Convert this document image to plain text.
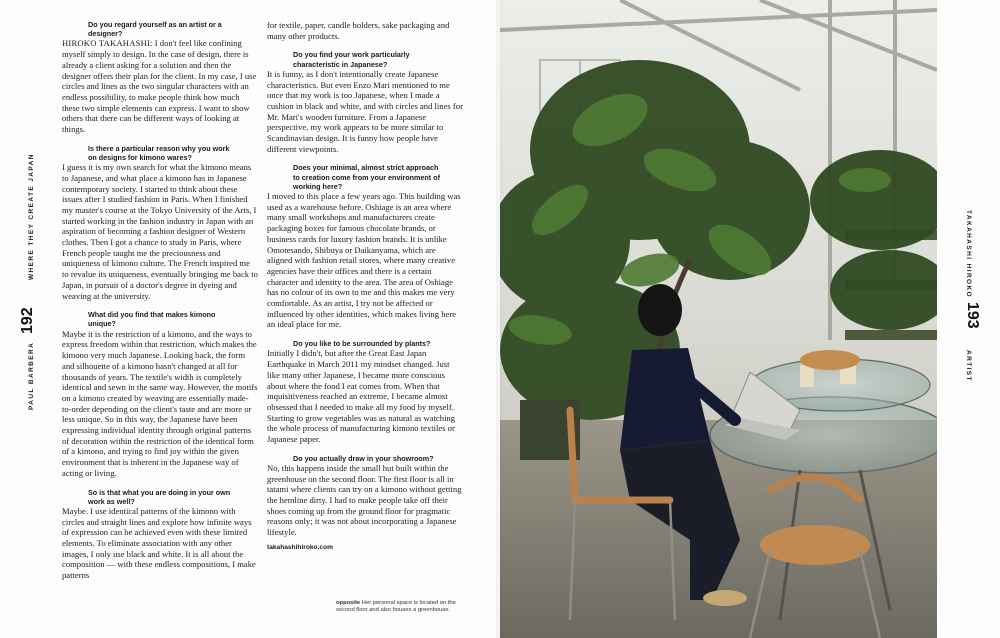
WHERE THEY CREATE JAPAN
192
PAUL BARBERA
TAKAHASHI HIROKO
193
ARTIST

Do you regard yourself as an artist or a designer?

HIROKO TAKAHASHI: I don't feel like confining myself simply to design. In the case of design, there is already a client asking for a solution and then the designer offers their plan for the client. In my case, I use circles and lines as the two singular characters with an endless possibility, to make people think how much these two simple elements can express. I want to show others that there can be different ways of looking at things.

Is there a particular reason why you work on designs for kimono wares?

I guess it is my own search for what the kimono means to Japanese, and what place a kimono has in Japanese contemporary society. I started to think about these issues after I studied fashion in Paris. When I finished my master's course at the Tokyo University of the Arts, I started working in the fashion industry in Japan with an aspiration of becoming a fashion designer of Western clothes. Then I got a chance to study in Paris, where French people taught me the preciousness and uniqueness of kimono culture. The French inspired me to revalue its uniqueness, eventually bringing me back to Japan, in pursuit of a doctor's degree in dyeing and weaving at the university.

What did you find that makes kimono unique?

Maybe it is the restriction of a kimono, and the ways to express freedom within that restriction, which makes the kimono very much Japanese. Looking back, the form and silhouette of a kimono hasn't changed at all for thousands of years. The textile's width is completely identical and sewn in the same way. However, the motifs on a kimono created by weaving are essentially made-to-order depending on the client's taste and are more or less unique. So in this way, the Japanese have been expressing individual identity through original patterns of decoration within the restriction of the identical form of a kimono, and trying to find joy within the given environment that is inherent in the Japanese way of acting or living.

So is that what you are doing in your own work as well?

Maybe. I use identical patterns of the kimono with circles and straight lines and explore how infinite ways of expression can be achieved even with these limited elements. To eliminate association with any other images, I only use black and white. It is all about the composition — with these endless compositions, I make patterns

for textile, paper, candle holders, sake packaging and many other products.

Do you find your work particularly characteristic in Japanese?

It is funny, as I don't intentionally create Japanese characteristics. But even Enzo Mari mentioned to me once that my work is too Japanese, when I made a cushion in black and white, and with circles and lines for Mr. Mari's wooden furniture. From a Japanese perspective, my work appears to be more similar to Scandinavian design. It is funny how people have different viewpoints.

Does your minimal, almost strict approach to creation come from your environment of working here?

I moved to this place a few years ago. This building was used as a warehouse before. Oshiage is an area where many small workshops and manufacturers create packaging boxes for famous chocolate brands, or business cards for luxury fashion brands. It is unlike Omotesando, Shibuya or Daikanyama, which are aligned with fashion retail stores, where many creative agencies have their offices and there is a certain character and identity to the area. The area of Oshiage has no colour of its own to me and this makes me very comfortable. As an artist, I try not be affected or influenced by other identities, which makes living here an ideal place for me.

Do you like to be surrounded by plants?

Initially I didn't, but after the Great East Japan Earthquake in March 2011 my mindset changed. Just like many other Japanese, I became more conscious about where the food I eat comes from. When that inquisitiveness reached an extreme, I became almost obsessed that I needed to make all my food by myself. Starting to grow vegetables was as natural as watching the whole process of manufacturing kimono textiles or Japanese paper.

Do you actually draw in your showroom?

No, this happens inside the small hut built within the greenhouse on the second floor. The first floor is all in tatami where clients can try on a kimono without getting the hemline dirty. I had to make people take off their shoes coming up from the ground floor for pragmatic reasons only; it was not about incorporating a Japanese lifestyle.

takahashihiroko.com

opposite Her personal space is located on the second floor and also houses a greenhouse.
